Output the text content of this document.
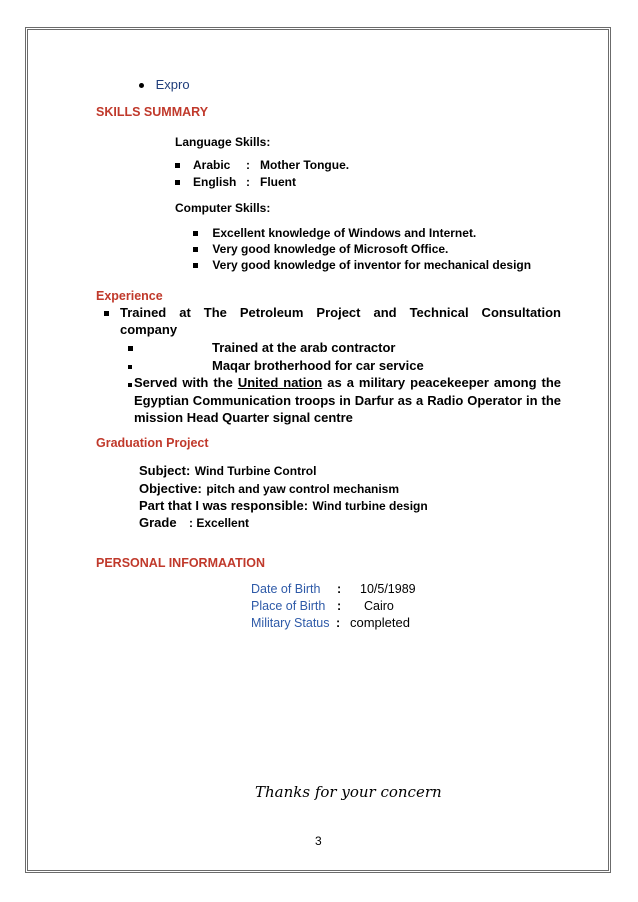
Expro
SKILLS SUMMARY
Language Skills:
Arabic : Mother Tongue.
English : Fluent
Computer Skills:
Excellent knowledge of Windows and Internet.
Very good knowledge of Microsoft Office.
Very good knowledge of inventor for mechanical design
Experience
Trained at The Petroleum Project and Technical Consultation
company
Trained at the arab contractor
Maqar brotherhood for car service
Served with the United nation as a military peacekeeper among the
Egyptian Communication troops in Darfur as a Radio Operator in the
mission Head Quarter signal centre
Graduation Project
Subject: Wind Turbine Control
Objective: pitch and yaw control mechanism
Part that I was responsible: Wind turbine design
Grade : Excellent
PERSONAL INFORMAATION
Date of Birth : 10/5/1989
Place of Birth : Cairo
Military Status : completed
Thanks for your concern
3
